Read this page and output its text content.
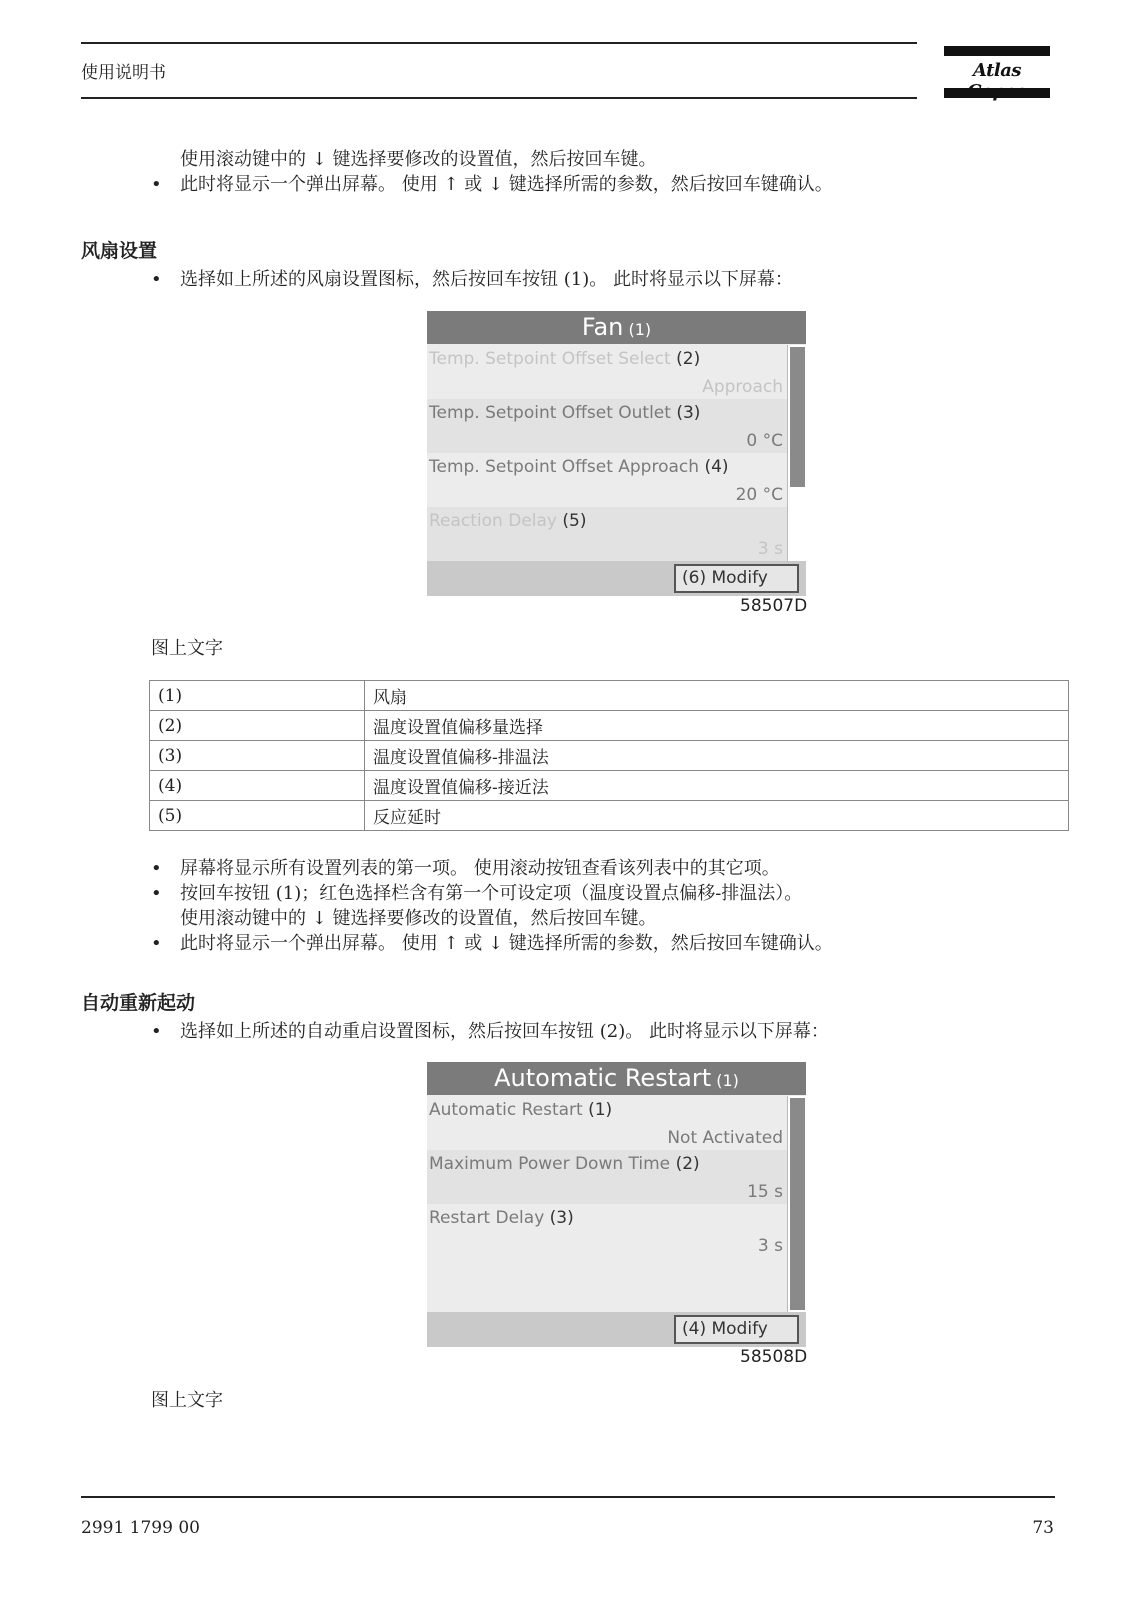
使用说明书	Atlas
使用滚动键中的 ↓ 键选择要修改的设置值，然后按回车键。
• 此时将显示一个弹出屏幕。 使用 ↑ 或 ↓ 键选择所需的参数，然后按回车键确认。
风扇设置
• 选择如上所述的风扇设置图标，然后按回车按钮 (1)。 此时将显示以下屏幕：
Fan (1)
Temp. Setpoint Offset Select (2)
Approach
Temp. Setpoint Offset Outlet (3)
0 °C
Temp. Setpoint Offset Approach (4)
20 °C
Reaction Delay (5)
3 s
(6) Modify
58507D
图上文字
(1)	风扇
(2)	温度设置值偏移量选择
(3)	温度设置值偏移-排温法
(4)	温度设置值偏移-接近法
(5)	反应延时
• 屏幕将显示所有设置列表的第一项。 使用滚动按钮查看该列表中的其它项。
• 按回车按钮 (1)；红色选择栏含有第一个可设定项（温度设置点偏移-排温法）。
使用滚动键中的 ↓ 键选择要修改的设置值，然后按回车键。
• 此时将显示一个弹出屏幕。 使用 ↑ 或 ↓ 键选择所需的参数，然后按回车键确认。
自动重新起动
• 选择如上所述的自动重启设置图标，然后按回车按钮 (2)。 此时将显示以下屏幕：
Automatic Restart (1)
Automatic Restart (1)
Not Activated
Maximum Power Down Time (2)
15 s
Restart Delay (3)
3 s
(4) Modify
58508D
图上文字
2991 1799 00	73
